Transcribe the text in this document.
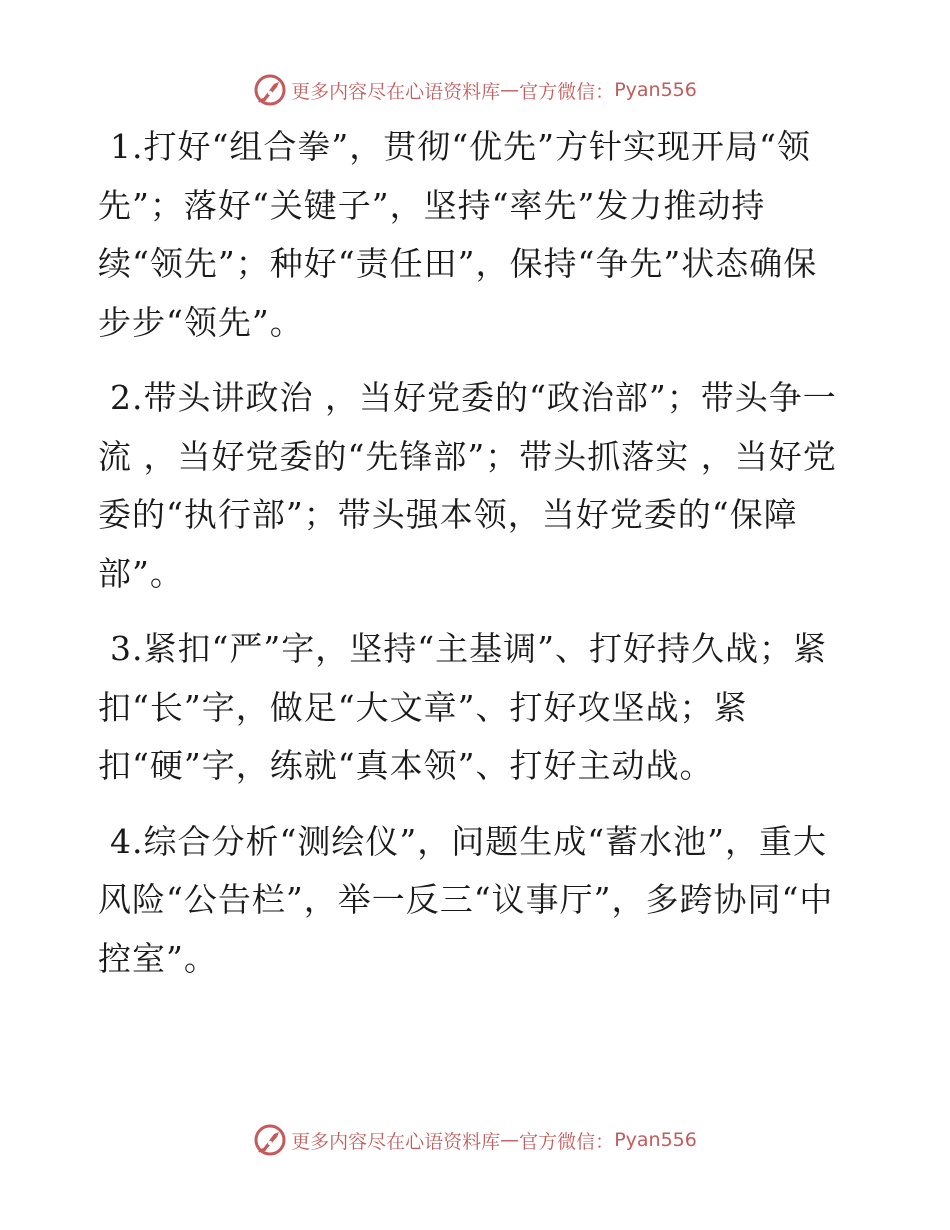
更多内容尽在心语资料库 — 官方微信： Pyan556

1.打好“组合拳”，贯彻“优先”方针实现开局“领先”；落好“关键子”，坚持“率先”发力推动持续“领先”；种好“责任田”，保持“争先”状态确保步步“领先”。

2.带头讲政治 ，当好党委的“政治部”；带头争一流 ，当好党委的“先锋部”；带头抓落实 ，当好党委的“执行部”；带头强本领，当好党委的“保障部”。

3.紧扣“严”字，坚持“主基调”、打好持久战；紧扣“长”字，做足“大文章”、打好攻坚战；紧扣“硬”字，练就“真本领”、打好主动战。

4.综合分析“测绘仪”，问题生成“蓄水池”，重大风险“公告栏”，举一反三“议事厅”，多跨协同“中控室”。

更多内容尽在心语资料库 — 官方微信： Pyan556
